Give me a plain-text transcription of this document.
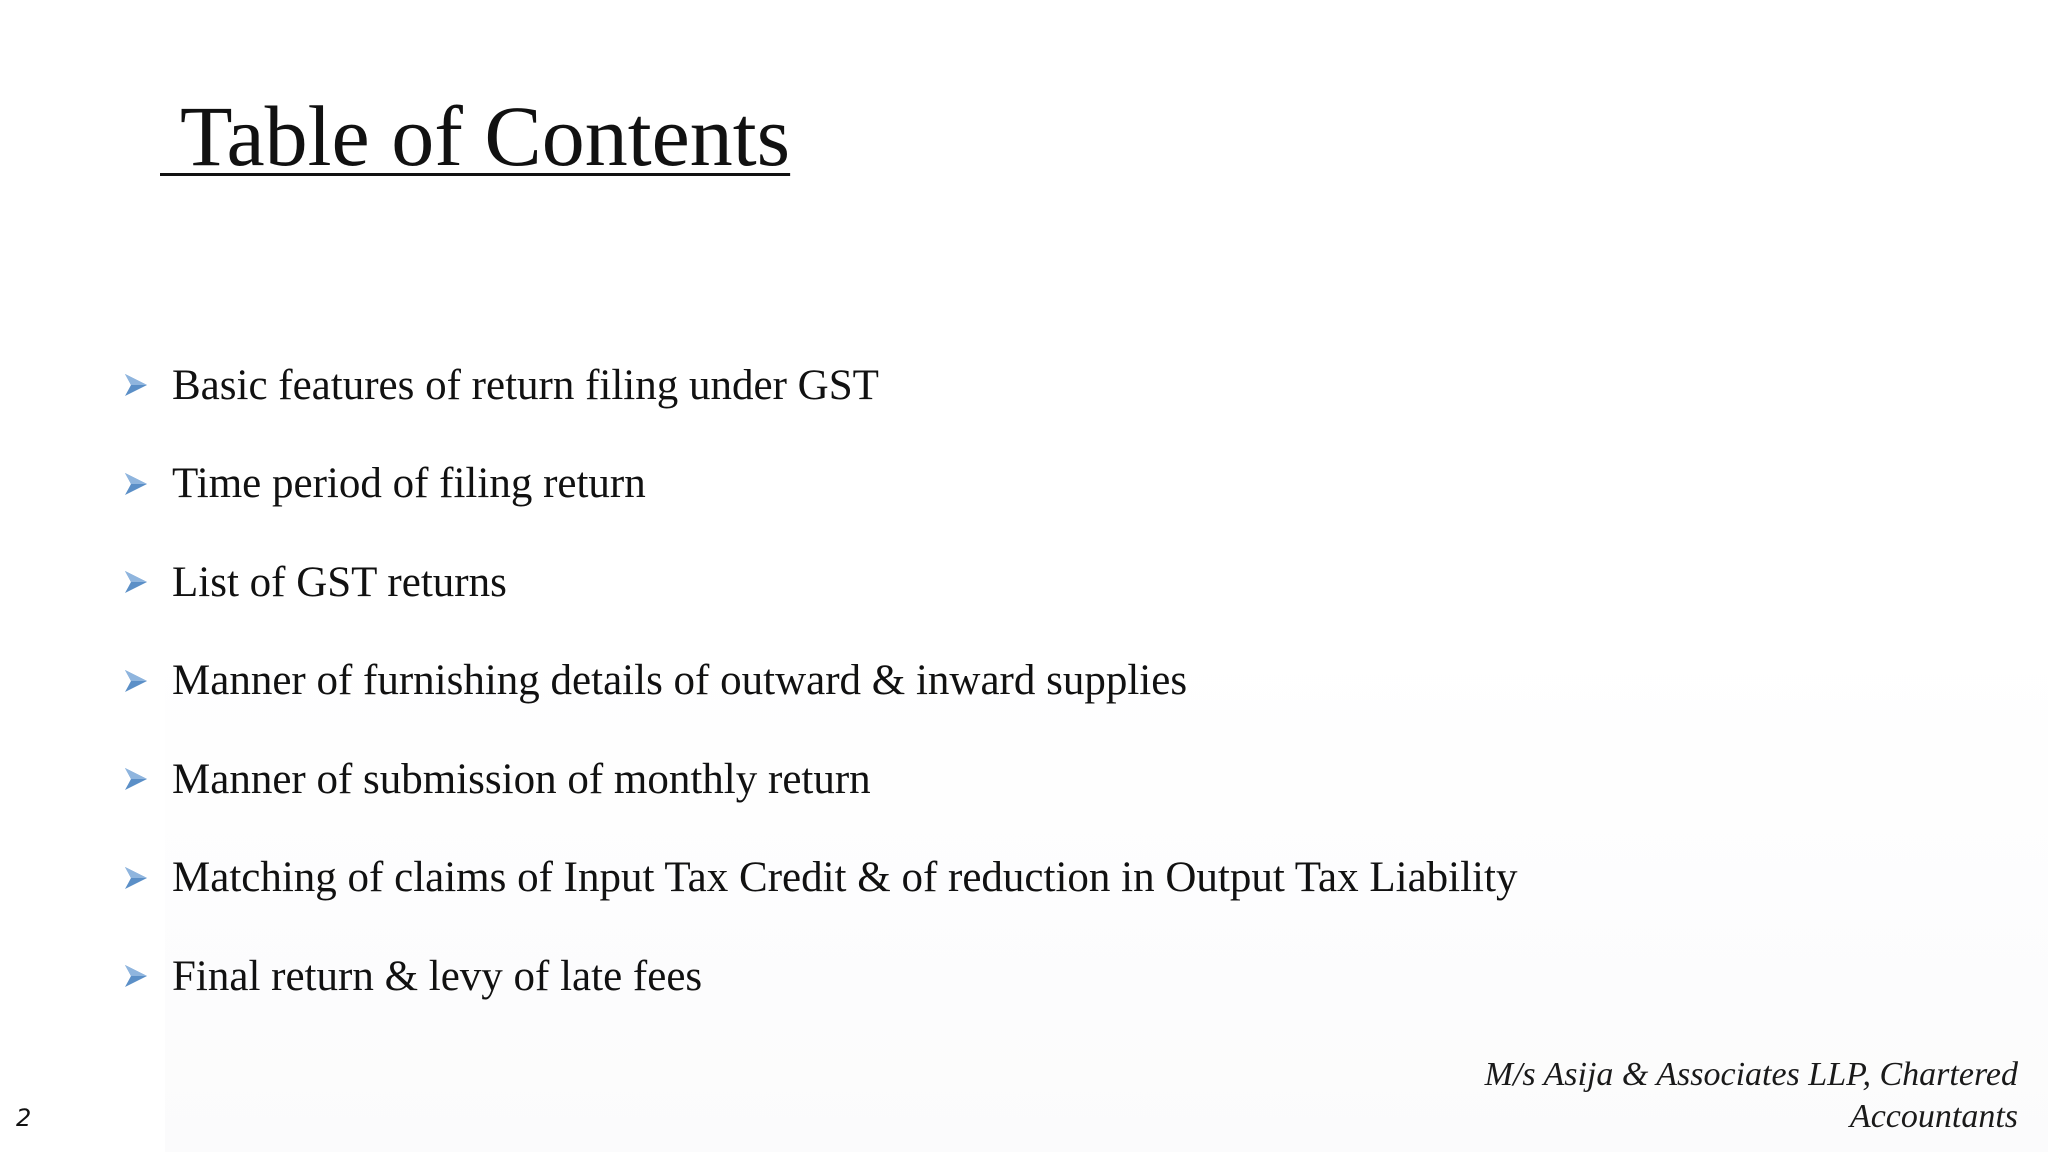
Table of Contents
Basic features of return filing under GST
Time period of filing return
List of GST returns
Manner of furnishing details of outward & inward supplies
Manner of submission of monthly return
Matching of claims of Input Tax Credit & of reduction in Output Tax Liability
Final return & levy of late fees
M/s Asija & Associates LLP, Chartered
Accountants
2
